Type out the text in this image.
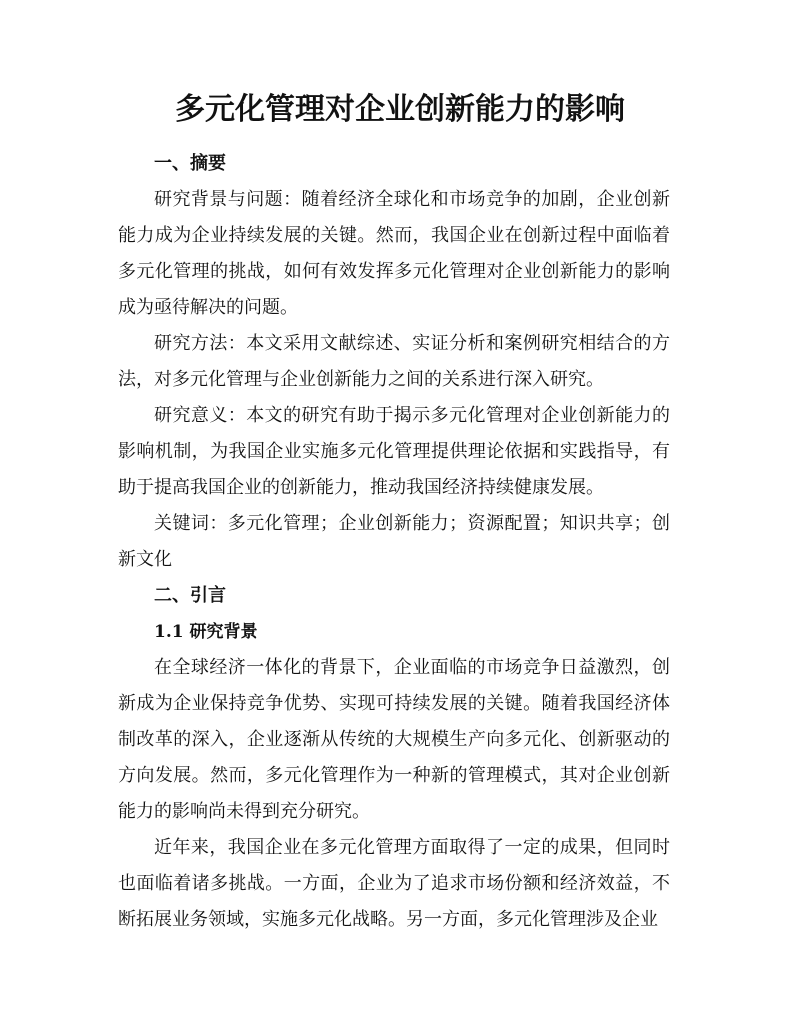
多元化管理对企业创新能力的影响
一、摘要

研究背景与问题：随着经济全球化和市场竞争的加剧，企业创新能力成为企业持续发展的关键。然而，我国企业在创新过程中面临着多元化管理的挑战，如何有效发挥多元化管理对企业创新能力的影响成为亟待解决的问题。

研究方法：本文采用文献综述、实证分析和案例研究相结合的方法，对多元化管理与企业创新能力之间的关系进行深入研究。

研究意义：本文的研究有助于揭示多元化管理对企业创新能力的影响机制，为我国企业实施多元化管理提供理论依据和实践指导，有助于提高我国企业的创新能力，推动我国经济持续健康发展。

关键词：多元化管理；企业创新能力；资源配置；知识共享；创新文化

二、引言
1.1 研究背景

在全球经济一体化的背景下，企业面临的市场竞争日益激烈，创新成为企业保持竞争优势、实现可持续发展的关键。随着我国经济体制改革的深入，企业逐渐从传统的大规模生产向多元化、创新驱动的方向发展。然而，多元化管理作为一种新的管理模式，其对企业创新能力的影响尚未得到充分研究。

近年来，我国企业在多元化管理方面取得了一定的成果，但同时也面临着诸多挑战。一方面，企业为了追求市场份额和经济效益，不断拓展业务领域，实施多元化战略。另一方面，多元化管理涉及企业
